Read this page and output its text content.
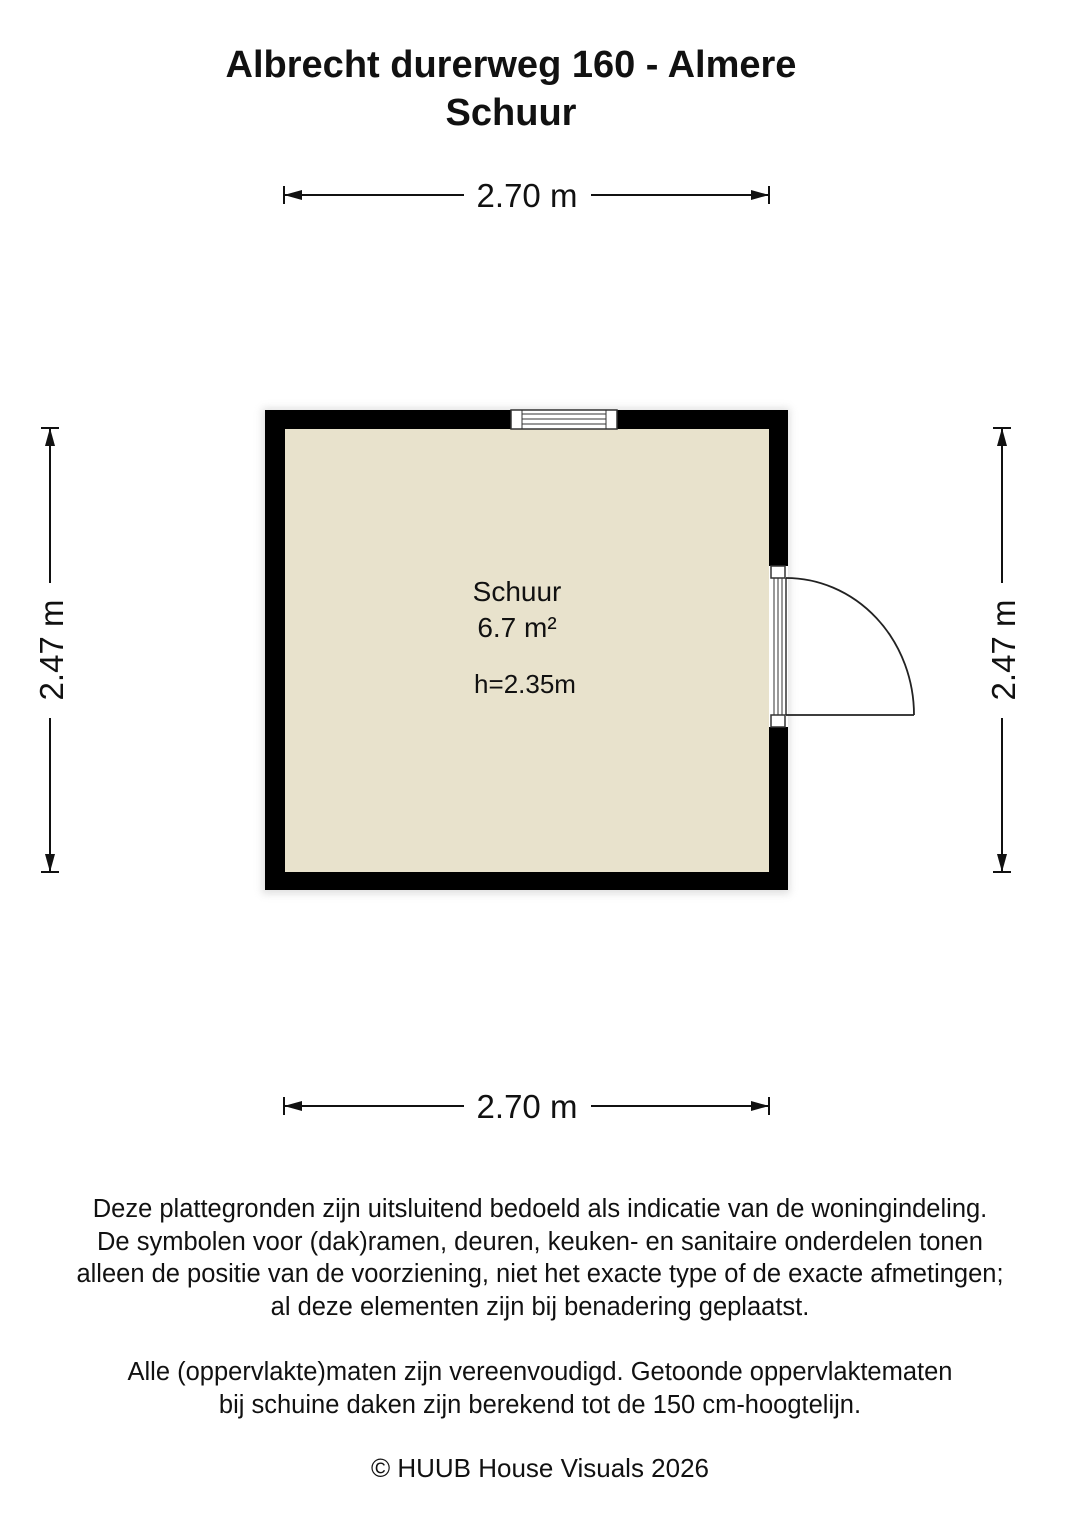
Albrecht durerweg 160 - Almere
Schuur
2.70 m
2.70 m
2.47 m	2.47 m
Schuur
6.7 m²
h=2.35m
Deze plattegronden zijn uitsluitend bedoeld als indicatie van de woningindeling.
De symbolen voor (dak)ramen, deuren, keuken- en sanitaire onderdelen tonen
alleen de positie van de voorziening, niet het exacte type of de exacte afmetingen;
al deze elementen zijn bij benadering geplaatst.
Alle (oppervlakte)maten zijn vereenvoudigd. Getoonde oppervlaktematen
bij schuine daken zijn berekend tot de 150 cm-hoogtelijn.
© HUUB House Visuals 2026
